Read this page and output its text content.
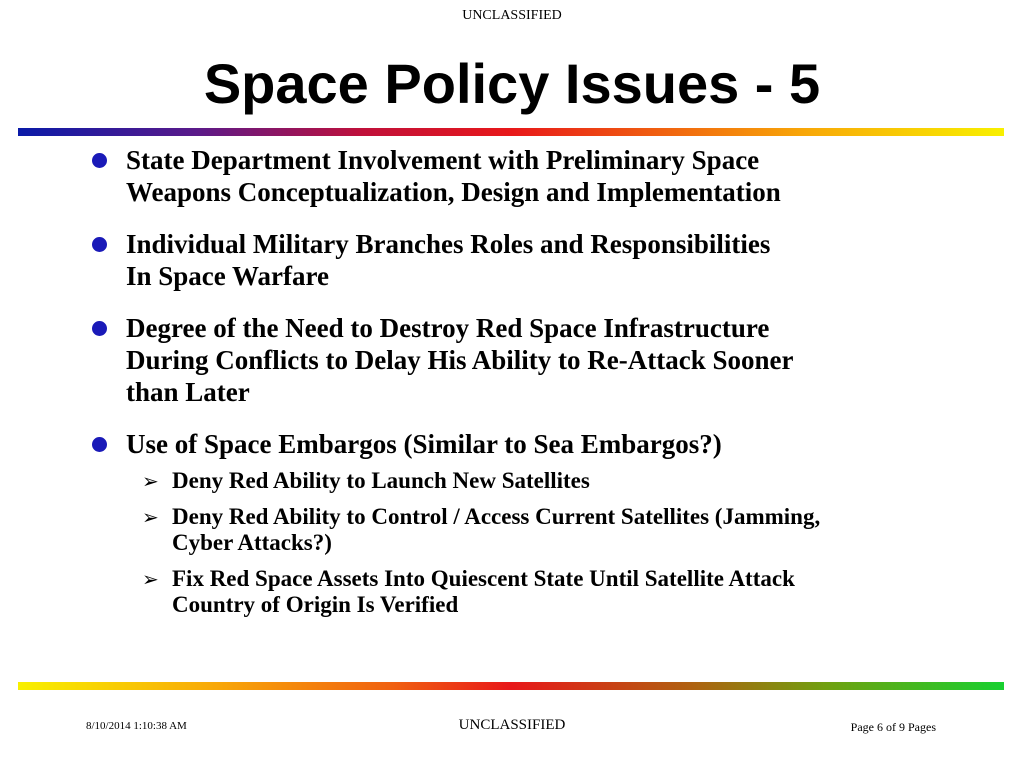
UNCLASSIFIED
Space Policy Issues - 5
State Department Involvement with Preliminary Space
Weapons Conceptualization, Design and Implementation
Individual Military Branches Roles and Responsibilities
In Space Warfare
Degree of the Need to Destroy Red Space Infrastructure
During Conflicts to Delay His Ability to Re-Attack Sooner
than Later
Use of Space Embargos (Similar to Sea Embargos?)
➢ Deny Red Ability to Launch New Satellites
➢ Deny Red Ability to Control / Access Current Satellites (Jamming,
Cyber Attacks?)
➢ Fix Red Space Assets Into Quiescent State Until Satellite Attack
Country of Origin Is Verified
8/10/2014 1:10:38 AM	UNCLASSIFIED	Page 6 of 9 Pages
